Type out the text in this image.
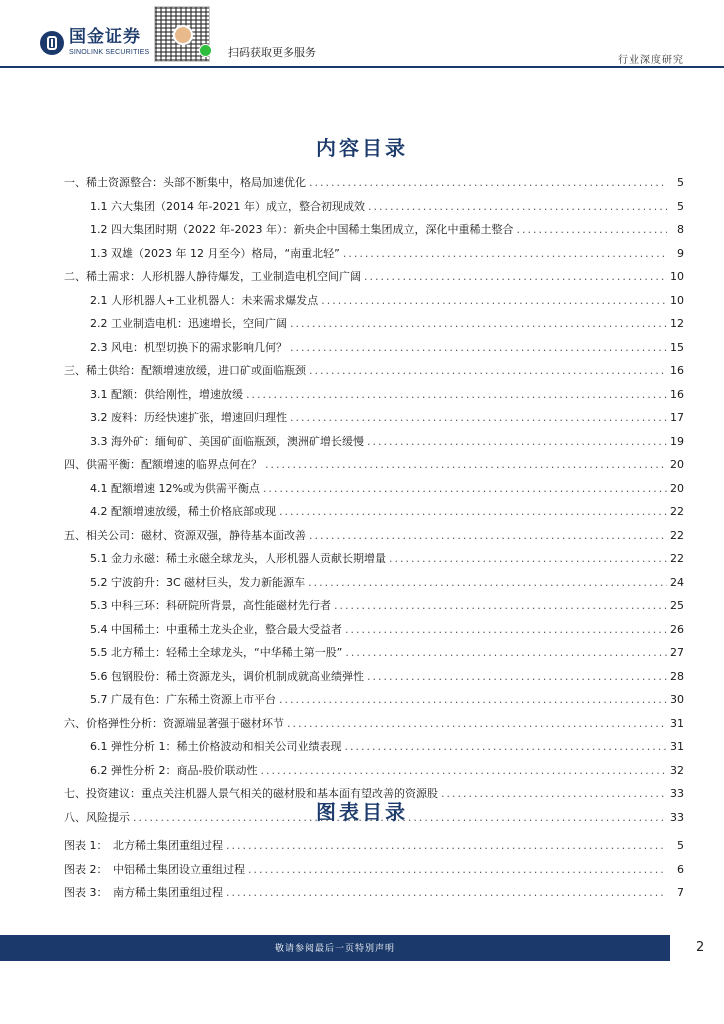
国金证券
SINOLINK SECURITIES	扫码获取更多服务
行业深度研究
内容目录
一、稀土资源整合：头部不断集中，格局加速优化 .....	5
1.1 六大集团（2014 年-2021 年）成立，整合初现成效 .....	5
1.2 四大集团时期（2022 年-2023 年）：新央企中国稀土集团成立，深化中重稀土整合 .....	8
1.3 双雄（2023 年 12 月至今）格局，“南重北轻” .....	9
二、稀土需求：人形机器人静待爆发，工业制造电机空间广阔 .....	10
2.1 人形机器人+工业机器人：未来需求爆发点 .....	10
2.2 工业制造电机：迅速增长，空间广阔 .....	12
2.3 风电：机型切换下的需求影响几何？ .....	15
三、稀土供给：配额增速放缓，进口矿或面临瓶颈 .....	16
3.1 配额：供给刚性，增速放缓 .....	16
3.2 废料：历经快速扩张，增速回归理性 .....	17
3.3 海外矿：缅甸矿、美国矿面临瓶颈，澳洲矿增长缓慢 .....	19
四、供需平衡：配额增速的临界点何在？ .....	20
4.1 配额增速 12%或为供需平衡点 .....	20
4.2 配额增速放缓，稀土价格底部或现 .....	22
五、相关公司：磁材、资源双强，静待基本面改善 .....	22
5.1 金力永磁：稀土永磁全球龙头，人形机器人贡献长期增量 .....	22
5.2 宁波韵升：3C 磁材巨头，发力新能源车 .....	24
5.3 中科三环：科研院所背景，高性能磁材先行者 .....	25
5.4 中国稀土：中重稀土龙头企业，整合最大受益者 .....	26
5.5 北方稀土：轻稀土全球龙头，“中华稀土第一股” .....	27
5.6 包钢股份：稀土资源龙头，调价机制成就高业绩弹性 .....	28
5.7 广晟有色：广东稀土资源上市平台 .....	30
六、价格弹性分析：资源端显著强于磁材环节 .....	31
6.1 弹性分析 1：稀土价格波动和相关公司业绩表现 .....	31
6.2 弹性分析 2：商品-股价联动性 .....	32
七、投资建议：重点关注机器人景气相关的磁材股和基本面有望改善的资源股 .....	33
八、风险提示 .....	33
图表目录
图表 1：　北方稀土集团重组过程 .....	5
图表 2：　中铝稀土集团设立重组过程 .....	6
图表 3：　南方稀土集团重组过程 .....	7
敬请参阅最后一页特别声明	2
